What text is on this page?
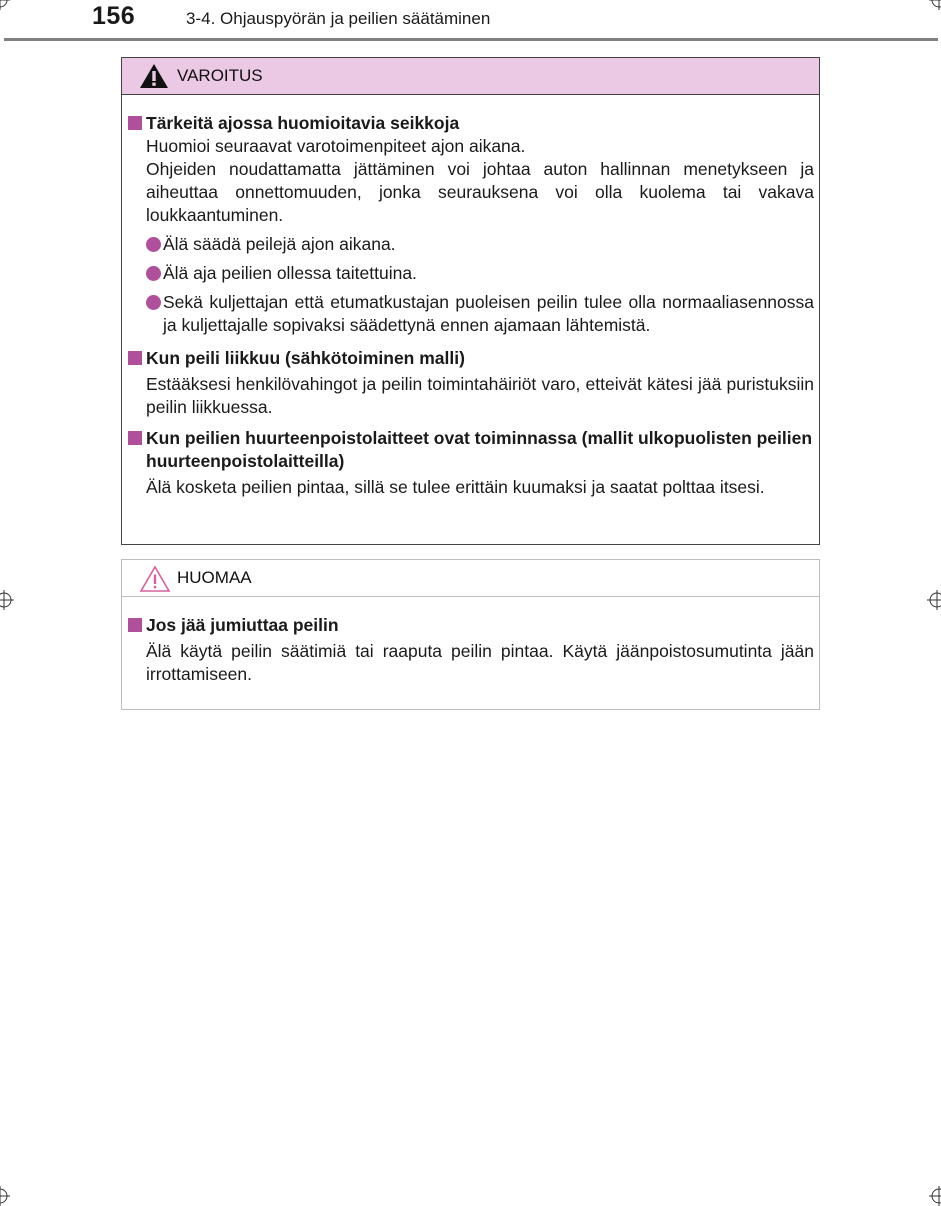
156	3-4. Ohjauspyörän ja peilien säätäminen
VAROITUS
Tärkeitä ajossa huomioitavia seikkoja

Huomioi seuraavat varotoimenpiteet ajon aikana.

Ohjeiden noudattamatta jättäminen voi johtaa auton hallinnan menetykseen ja aiheuttaa onnettomuuden, jonka seurauksena voi olla kuolema tai vakava loukkaantuminen.

Älä säädä peilejä ajon aikana.
Älä aja peilien ollessa taitettuina.
Sekä kuljettajan että etumatkustajan puoleisen peilin tulee olla normaaliasennossa ja kuljettajalle sopivaksi säädettynä ennen ajamaan lähtemistä.
Kun peili liikkuu (sähkötoiminen malli)

Estääksesi henkilövahingot ja peilin toimintahäiriöt varo, etteivät kätesi jää puristuksiin peilin liikkuessa.

Kun peilien huurteenpoistolaitteet ovat toiminnassa (mallit ulkopuolisten peilien huurteenpoistolaitteilla)

Älä kosketa peilien pintaa, sillä se tulee erittäin kuumaksi ja saatat polttaa itsesi.

HUOMAA
Jos jää jumiuttaa peilin

Älä käytä peilin säätimiä tai raaputa peilin pintaa. Käytä jäänpoistosumutinta jään irrottamiseen.
